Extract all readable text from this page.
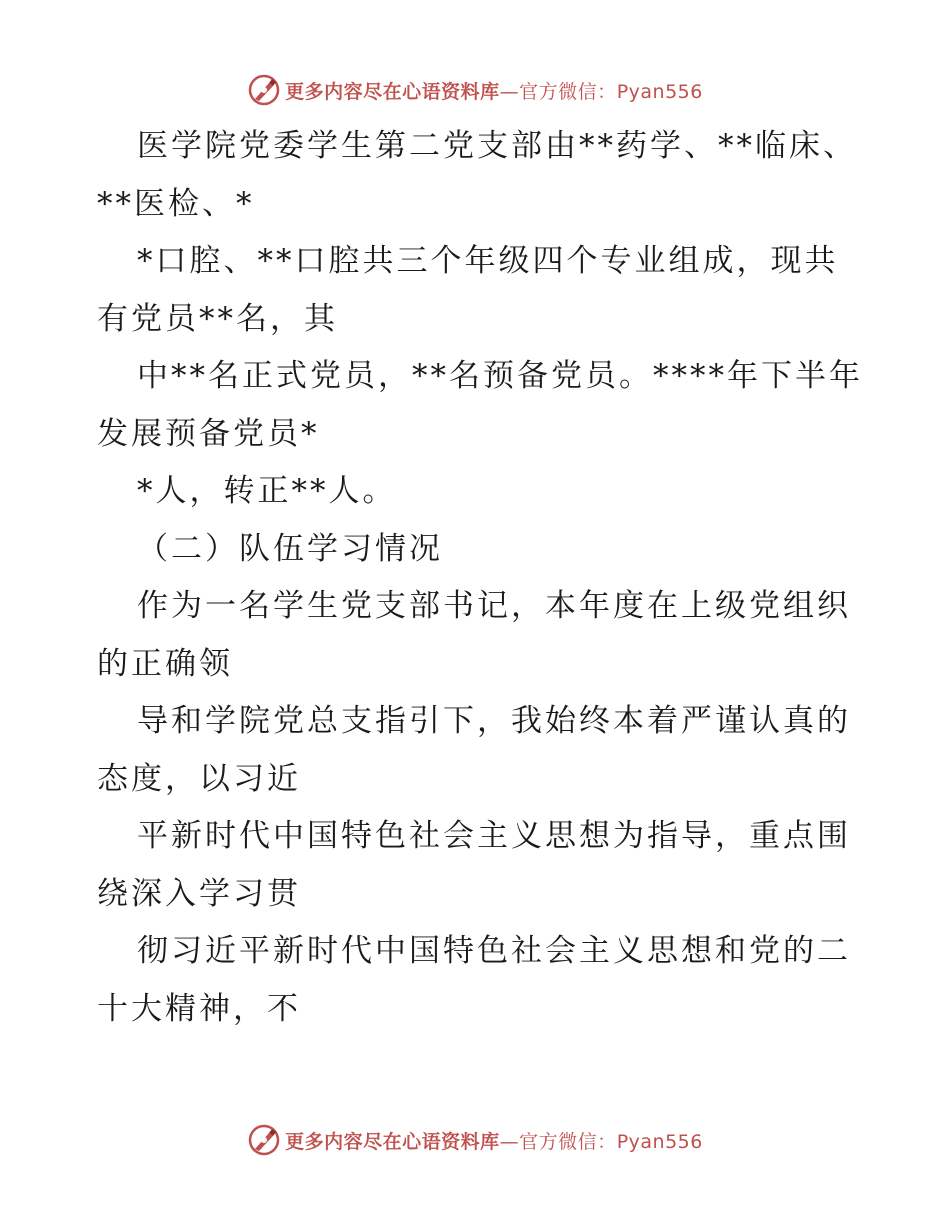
更多内容尽在心语资料库—官方微信：Pyan556
医学院党委学生第二党支部由**药学、**临床、
**医检、*
*口腔、**口腔共三个年级四个专业组成，现共
有党员**名，其
中**名正式党员，**名预备党员。****年下半年
发展预备党员*
*人，转正**人。
（二）队伍学习情况
作为一名学生党支部书记，本年度在上级党组织
的正确领
导和学院党总支指引下，我始终本着严谨认真的
态度，以习近
平新时代中国特色社会主义思想为指导，重点围
绕深入学习贯
彻习近平新时代中国特色社会主义思想和党的二
十大精神，不
更多内容尽在心语资料库—官方微信：Pyan556
